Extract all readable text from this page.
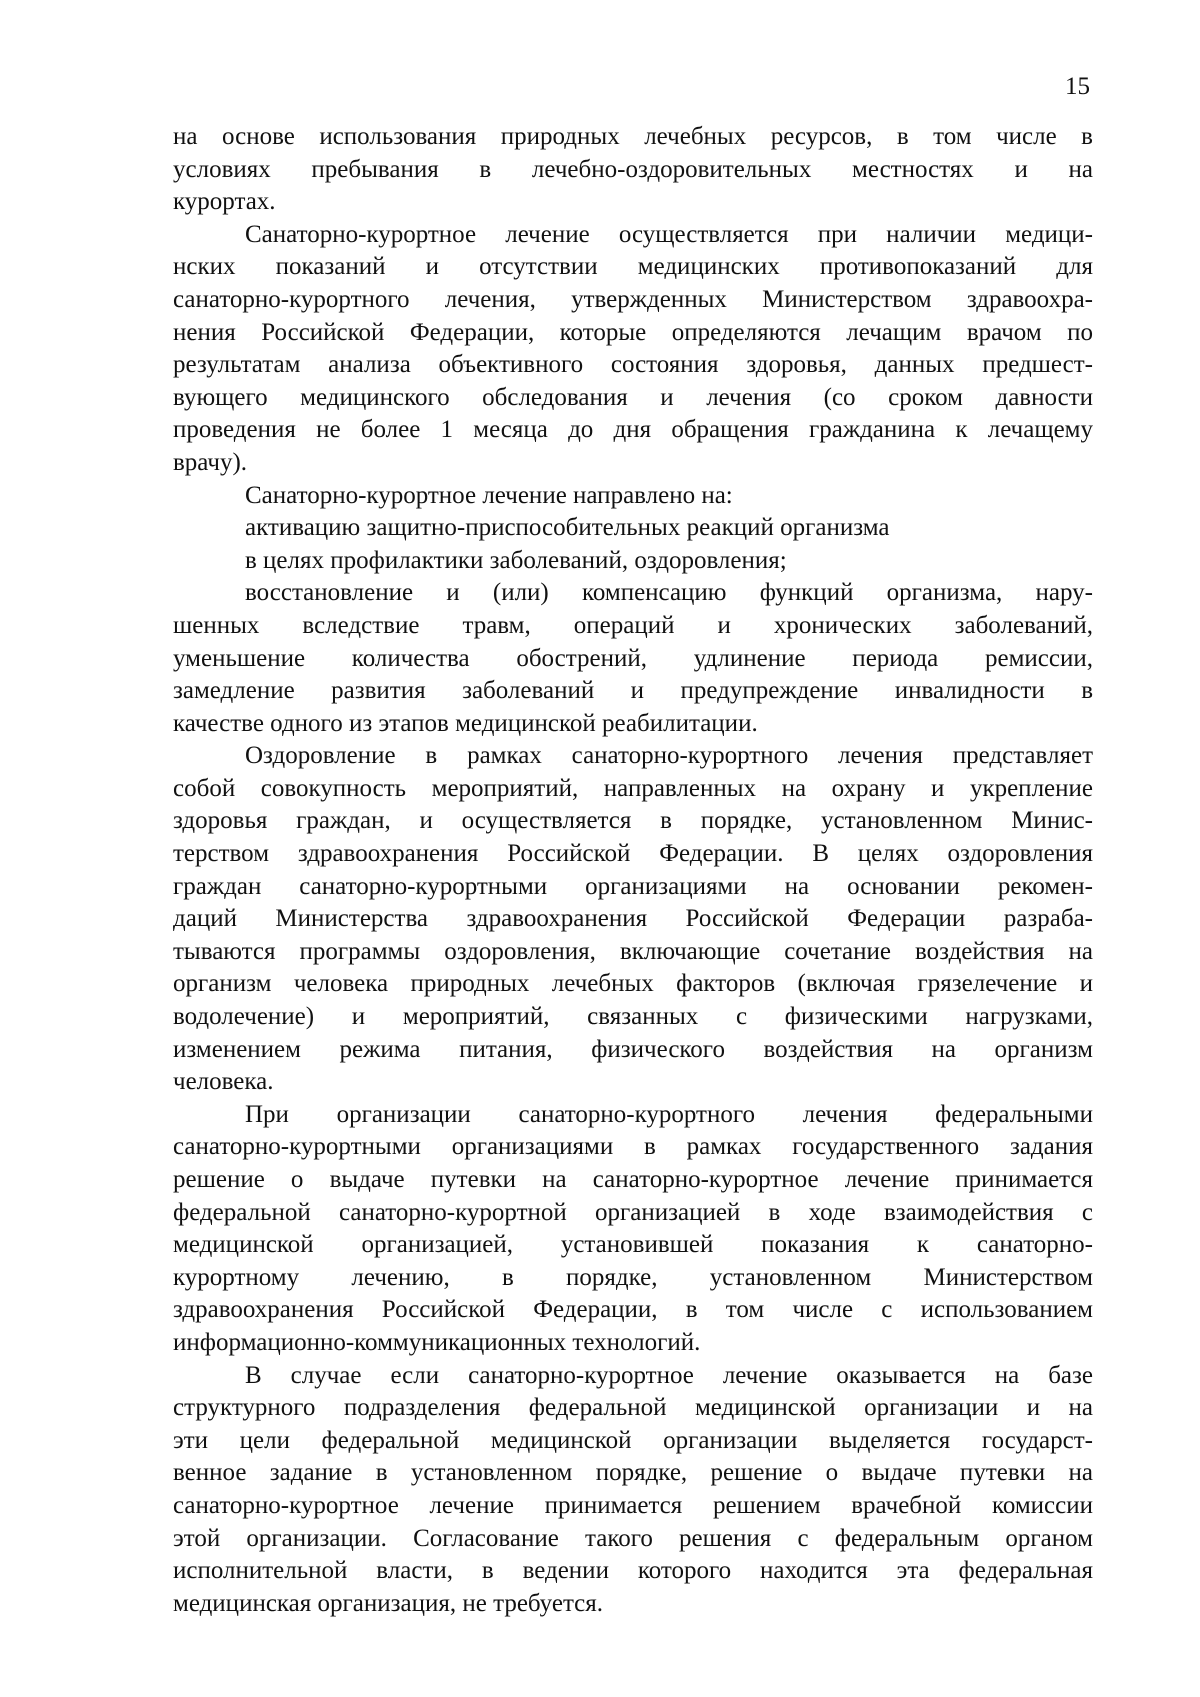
15
на основе использования природных лечебных ресурсов, в том числе в
условиях пребывания в лечебно-оздоровительных местностях и на
курортах.
Санаторно-курортное лечение осуществляется при наличии медици-
нских показаний и отсутствии медицинских противопоказаний для
санаторно-курортного лечения, утвержденных Министерством здравоохра-
нения Российской Федерации, которые определяются лечащим врачом по
результатам анализа объективного состояния здоровья, данных предшест-
вующего медицинского обследования и лечения (со сроком давности
проведения не более 1 месяца до дня обращения гражданина к лечащему
врачу).
Санаторно-курортное лечение направлено на:
активацию защитно-приспособительных реакций организма
в целях профилактики заболеваний, оздоровления;
восстановление и (или) компенсацию функций организма, нару-
шенных вследствие травм, операций и хронических заболеваний,
уменьшение количества обострений, удлинение периода ремиссии,
замедление развития заболеваний и предупреждение инвалидности в
качестве одного из этапов медицинской реабилитации.
Оздоровление в рамках санаторно-курортного лечения представляет
собой совокупность мероприятий, направленных на охрану и укрепление
здоровья граждан, и осуществляется в порядке, установленном Минис-
терством здравоохранения Российской Федерации. В целях оздоровления
граждан санаторно-курортными организациями на основании рекомен-
даций Министерства здравоохранения Российской Федерации разраба-
тываются программы оздоровления, включающие сочетание воздействия на
организм человека природных лечебных факторов (включая грязелечение и
водолечение) и мероприятий, связанных с физическими нагрузками,
изменением режима питания, физического воздействия на организм
человека.
При организации санаторно-курортного лечения федеральными
санаторно-курортными организациями в рамках государственного задания
решение о выдаче путевки на санаторно-курортное лечение принимается
федеральной санаторно-курортной организацией в ходе взаимодействия с
медицинской организацией, установившей показания к санаторно-
курортному лечению, в порядке, установленном Министерством
здравоохранения Российской Федерации, в том числе с использованием
информационно-коммуникационных технологий.
В случае если санаторно-курортное лечение оказывается на базе
структурного подразделения федеральной медицинской организации и на
эти цели федеральной медицинской организации выделяется государст-
венное задание в установленном порядке, решение о выдаче путевки на
санаторно-курортное лечение принимается решением врачебной комиссии
этой организации. Согласование такого решения с федеральным органом
исполнительной власти, в ведении которого находится эта федеральная
медицинская организация, не требуется.
